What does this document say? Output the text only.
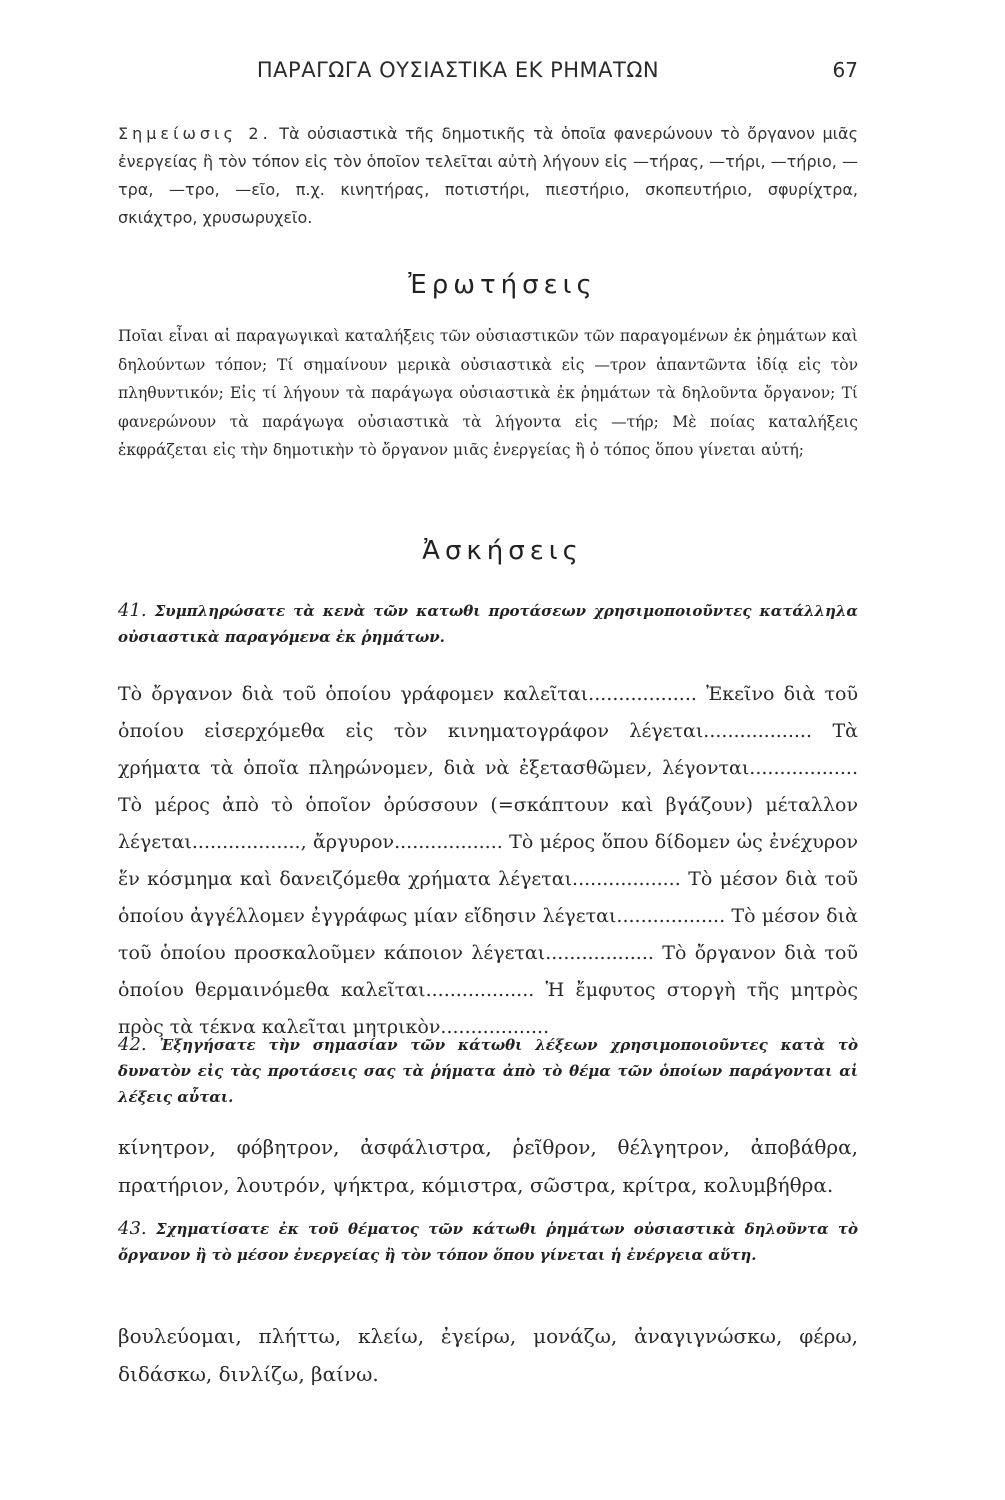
ΠΑΡΑΓΩΓΑ ΟΥΣΙΑΣΤΙΚΑ ΕΚ ΡΗΜΑΤΩΝ	67

Σημείωσις 2. Τὰ οὐσιαστικὰ τῆς δημοτικῆς τὰ ὁποῖα φανερώνουν τὸ ὄργανον μιᾶς ἐνεργείας ἢ τὸν τόπον εἰς τὸν ὁποῖον τελεῖται αὐτὴ λήγουν εἰς —τήρας, —τήρι, —τήριο, —τρα, —τρο, —εῖο, π.χ. κινητήρας, ποτιστήρι, πιεστήριο, σκοπευτήριο, σφυρίχτρα, σκιάχτρο, χρυσωρυχεῖο.

Ἐρωτήσεις

Ποῖαι εἶναι αἱ παραγωγικαὶ καταλήξεις τῶν οὐσιαστικῶν τῶν παραγομένων ἐκ ῥημάτων καὶ δηλούντων τόπον; Τί σημαίνουν μερικὰ οὐσιαστικὰ εἰς —τρον ἀπαντῶντα ἰδίᾳ εἰς τὸν πληθυντικόν; Εἰς τί λήγουν τὰ παράγωγα οὐσιαστικὰ ἐκ ῥημάτων τὰ δηλοῦντα ὄργανον; Τί φανερώνουν τὰ παράγωγα οὐσιαστικὰ τὰ λήγοντα εἰς —τήρ; Μὲ ποίας καταλήξεις ἐκφράζεται εἰς τὴν δημοτικὴν τὸ ὄργανον μιᾶς ἐνεργείας ἢ ὁ τόπος ὅπου γίνεται αὐτή;

Ἀσκήσεις

41. Συμπληρώσατε τὰ κενὰ τῶν κατωθι προτάσεων χρησιμοποιοῦντες κατάλληλα οὐσιαστικὰ παραγόμενα ἐκ ῥημάτων.

Τὸ ὄργανον διὰ τοῦ ὁποίου γράφομεν καλεῖται.................. Ἐκεῖνο διὰ τοῦ ὁποίου εἰσερχόμεθα εἰς τὸν κινηματογράφον λέγεται.................. Τὰ χρήματα τὰ ὁποῖα πληρώνομεν, διὰ νὰ ἐξετασθῶμεν, λέγονται.................. Τὸ μέρος ἀπὸ τὸ ὁποῖον ὀρύσσουν (=σκάπτουν καὶ βγάζουν) μέταλλον λέγεται.................., ἄργυρον.................. Τὸ μέρος ὅπου δίδομεν ὡς ἐνέχυρον ἕν κόσμημα καὶ δανειζόμεθα χρήματα λέγεται.................. Τὸ μέσον διὰ τοῦ ὁποίου ἀγγέλλομεν ἐγγράφως μίαν εἴδησιν λέγεται.................. Τὸ μέσον διὰ τοῦ ὁποίου προσκαλοῦμεν κάποιον λέγεται.................. Τὸ ὄργανον διὰ τοῦ ὁποίου θερμαινόμεθα καλεῖται.................. Ἡ ἔμφυτος στοργὴ τῆς μητρὸς πρὸς τὰ τέκνα καλεῖται μητρικὸν..................

42. Ἐξηγήσατε τὴν σημασίαν τῶν κάτωθι λέξεων χρησιμοποιοῦντες κατὰ τὸ δυνατὸν εἰς τὰς προτάσεις σας τὰ ῥήματα ἀπὸ τὸ θέμα τῶν ὁποίων παράγονται αἱ λέξεις αὗται.

κίνητρον, φόβητρον, ἀσφάλιστρα, ῥεῖθρον, θέλγητρον, ἀποβάθρα, πρατήριον, λουτρόν, ψήκτρα, κόμιστρα, σῶστρα, κρίτρα, κολυμβήθρα.

43. Σχηματίσατε ἐκ τοῦ θέματος τῶν κάτωθι ῥημάτων οὐσιαστικὰ δηλοῦντα τὸ ὄργανον ἢ τὸ μέσον ἐνεργείας ἢ τὸν τόπον ὅπου γίνεται ἡ ἐνέργεια αὕτη.

βουλεύομαι, πλήττω, κλείω, ἐγείρω, μονάζω, ἀναγιγνώσκω, φέρω, διδάσκω, δινλίζω, βαίνω.
